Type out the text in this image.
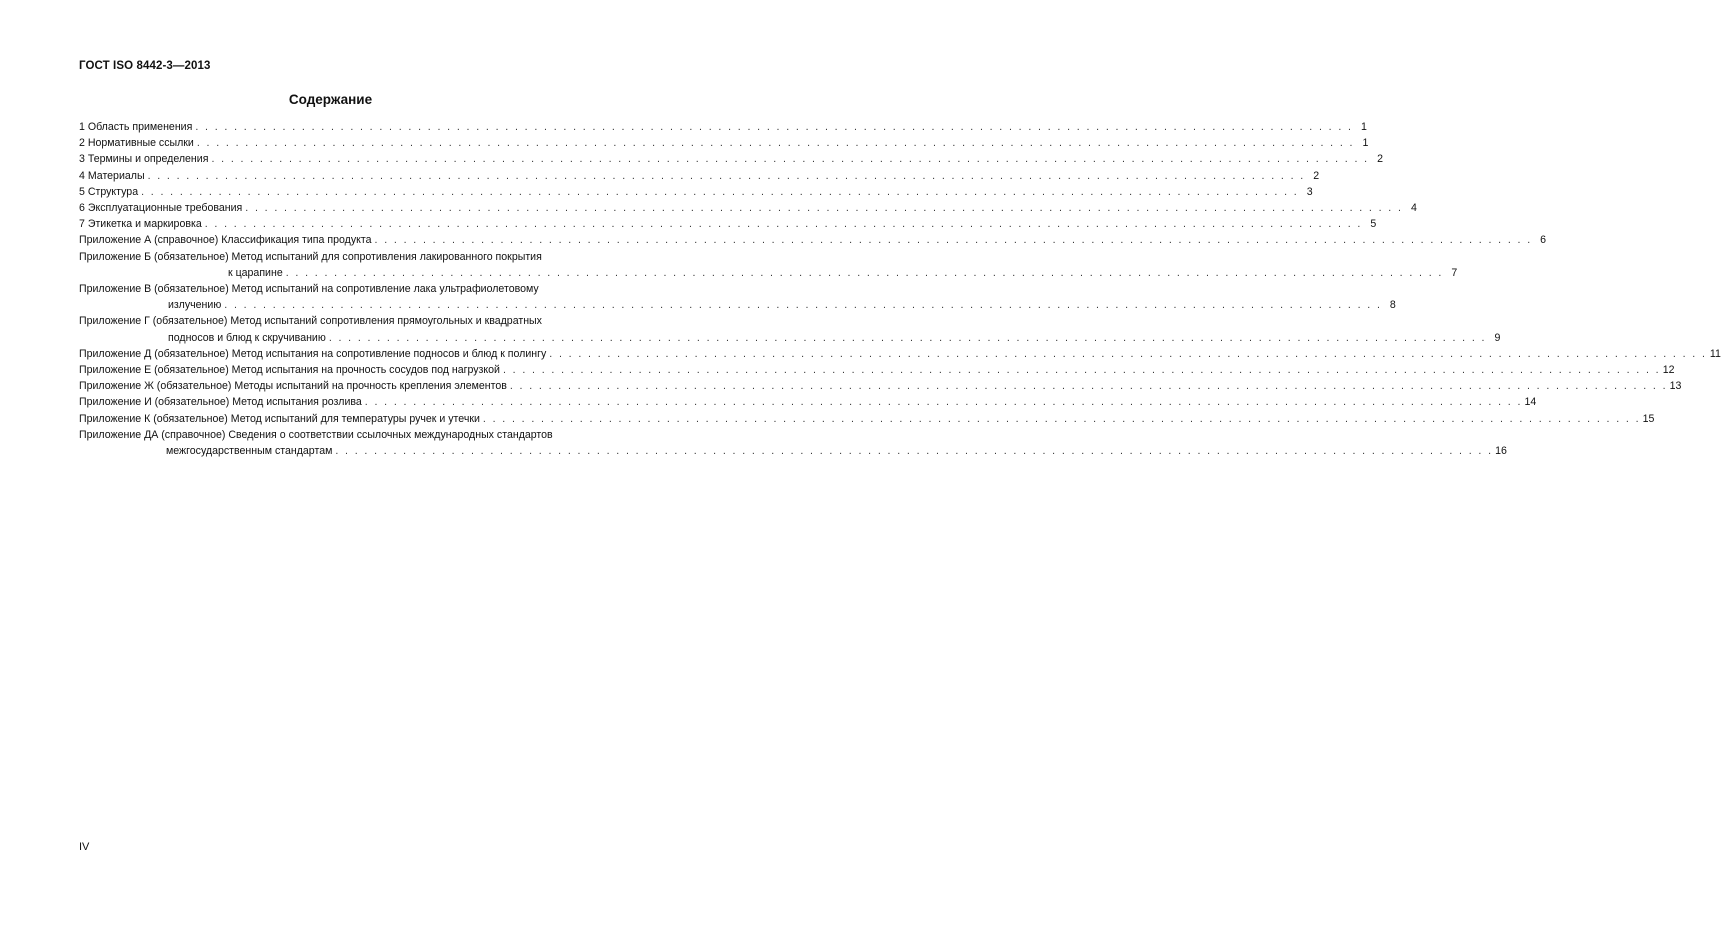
ГОСТ ISO 8442-3—2013
Содержание
1 Область применения . . . . . . . . . . . . . . . . . . . . . . . . . . . . . . . . . . . . . . . . . . . . . . . . . . . . . . . . . . . . . . . . . . . . . . . . . . . . . . . . . . . . . . . . . . . . . . . . . . . . . . . . . . . . . . . . . . . . . . . . 1
2 Нормативные ссылки . . . . . . . . . . . . . . . . . . . . . . . . . . . . . . . . . . . . . . . . . . . . . . . . . . . . . . . . . . . . . . . . . . . . . . . . . . . . . . . . . . . . . . . . . . . . . . . . . . . . . . . . . . . . . . . . . . . . . . . . 1
3 Термины и определения . . . . . . . . . . . . . . . . . . . . . . . . . . . . . . . . . . . . . . . . . . . . . . . . . . . . . . . . . . . . . . . . . . . . . . . . . . . . . . . . . . . . . . . . . . . . . . . . . . . . . . . . . . . . . . . . . . . . . . . . 2
4 Материалы . . . . . . . . . . . . . . . . . . . . . . . . . . . . . . . . . . . . . . . . . . . . . . . . . . . . . . . . . . . . . . . . . . . . . . . . . . . . . . . . . . . . . . . . . . . . . . . . . . . . . . . . . . . . . . . . . . . . . . . . 2
5 Структура . . . . . . . . . . . . . . . . . . . . . . . . . . . . . . . . . . . . . . . . . . . . . . . . . . . . . . . . . . . . . . . . . . . . . . . . . . . . . . . . . . . . . . . . . . . . . . . . . . . . . . . . . . . . . . . . . . . . . . . . 3
6 Эксплуатационные требования . . . . . . . . . . . . . . . . . . . . . . . . . . . . . . . . . . . . . . . . . . . . . . . . . . . . . . . . . . . . . . . . . . . . . . . . . . . . . . . . . . . . . . . . . . . . . . . . . . . . . . . . . . . . . . . . . . . . . . . . 4
7 Этикетка и маркировка . . . . . . . . . . . . . . . . . . . . . . . . . . . . . . . . . . . . . . . . . . . . . . . . . . . . . . . . . . . . . . . . . . . . . . . . . . . . . . . . . . . . . . . . . . . . . . . . . . . . . . . . . . . . . . . . . . . . . . . . 5
Приложение А (справочное) Классификация типа продукта . . . . . . . . . . . . . . . . . . . . . . . . . . . . . . . . . . . . . . . . . . . . . . . . . . . . . . . . . . . . . . . . . . . . . . . . . . . . . . . . . . . . . . . . . . . . . . . . . . . . . . . . . . . . . . . . . . . . . . . . 6
Приложение Б (обязательное) Метод испытаний для сопротивления лакированного покрытия
к царапине . . . . . . . . . . . . . . . . . . . . . . . . . . . . . . . . . . . . . . . . . . . . . . . . . . . . . . . . . . . . . . . . . . . . . . . . . . . . . . . . . . . . . . . . . . . . . . . . . . . . . . . . . . . . . . . . . . . . . . . . 7
Приложение В (обязательное) Метод испытаний на сопротивление лака ультрафиолетовому
излучению . . . . . . . . . . . . . . . . . . . . . . . . . . . . . . . . . . . . . . . . . . . . . . . . . . . . . . . . . . . . . . . . . . . . . . . . . . . . . . . . . . . . . . . . . . . . . . . . . . . . . . . . . . . . . . . . . . . . . . . . 8
Приложение Г (обязательное) Метод испытаний сопротивления прямоугольных и квадратных
подносов и блюд к скручиванию . . . . . . . . . . . . . . . . . . . . . . . . . . . . . . . . . . . . . . . . . . . . . . . . . . . . . . . . . . . . . . . . . . . . . . . . . . . . . . . . . . . . . . . . . . . . . . . . . . . . . . . . . . . . . . . . . . . . . . . . 9
Приложение Д (обязательное) Метод испытания на сопротивление подносов и блюд к полингу . . . . . . . . . . . . . . . . . . . . . . . . . . . . . . . . . . . . . . . . . . . . . . . . . . . . . . . . . . . . . . . . . . . . . . . . . . . . . . . . . . . . . . . . . . . . . . . . . . . . . . . . . . . . . . . . . . . . . . . . 11
Приложение Е (обязательное) Метод испытания на прочность сосудов под нагрузкой . . . . . . . . . . . . . . . . . . . . . . . . . . . . . . . . . . . . . . . . . . . . . . . . . . . . . . . . . . . . . . . . . . . . . . . . . . . . . . . . . . . . . . . . . . . . . . . . . . . . . . . . . . . . . . . . . . . . . . . . 12
Приложение Ж (обязательное) Методы испытаний на прочность крепления элементов . . . . . . . . . . . . . . . . . . . . . . . . . . . . . . . . . . . . . . . . . . . . . . . . . . . . . . . . . . . . . . . . . . . . . . . . . . . . . . . . . . . . . . . . . . . . . . . . . . . . . . . . . . . . . . . . . . . . . . . . 13
Приложение И (обязательное) Метод испытания розлива . . . . . . . . . . . . . . . . . . . . . . . . . . . . . . . . . . . . . . . . . . . . . . . . . . . . . . . . . . . . . . . . . . . . . . . . . . . . . . . . . . . . . . . . . . . . . . . . . . . . . . . . . . . . . . . . . . . . . . . . 14
Приложение К (обязательное) Метод испытаний для температуры ручек и утечки . . . . . . . . . . . . . . . . . . . . . . . . . . . . . . . . . . . . . . . . . . . . . . . . . . . . . . . . . . . . . . . . . . . . . . . . . . . . . . . . . . . . . . . . . . . . . . . . . . . . . . . . . . . . . . . . . . . . . . . . 15
Приложение ДА (справочное) Сведения о соответствии ссылочных международных стандартов
межгосударственным стандартам . . . . . . . . . . . . . . . . . . . . . . . . . . . . . . . . . . . . . . . . . . . . . . . . . . . . . . . . . . . . . . . . . . . . . . . . . . . . . . . . . . . . . . . . . . . . . . . . . . . . . . . . . . . . . . . . . . . . . . . . 16
IV
